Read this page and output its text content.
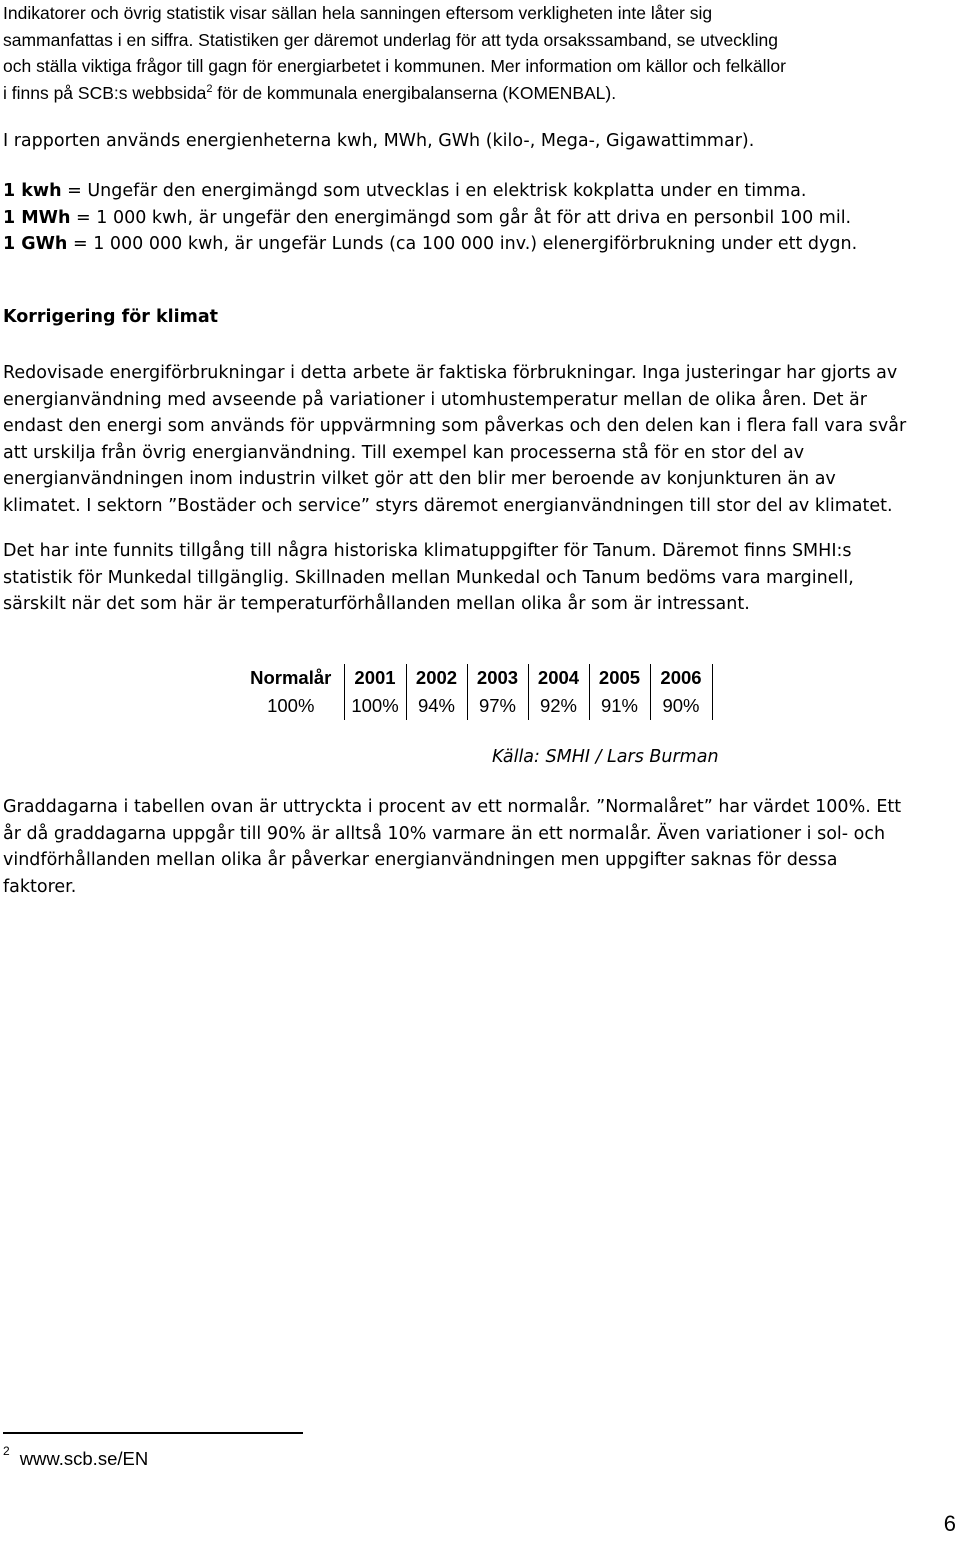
Indikatorer och övrig statistik visar sällan hela sanningen eftersom verkligheten inte låter sig
sammanfattas i en siffra. Statistiken ger däremot underlag för att tyda orsakssamband, se utveckling
och ställa viktiga frågor till gagn för energiarbetet i kommunen. Mer information om källor och felkällor
i finns på SCB:s webbsida$^2$ för de kommunala energibalanserna (KOMENBAL).
I rapporten används energienheterna kwh, MWh, GWh (kilo-, Mega-, Gigawattimmar).
1 kwh = Ungefär den energimängd som utvecklas i en elektrisk kokplatta under en timma.
1 MWh = 1 000 kwh, är ungefär den energimängd som går åt för att driva en personbil 100 mil.
1 GWh = 1 000 000 kwh, är ungefär Lunds (ca 100 000 inv.) elenergiförbrukning under ett dygn.
Korrigering för klimat
Redovisade energiförbrukningar i detta arbete är faktiska förbrukningar. Inga justeringar har gjorts av
energianvändning med avseende på variationer i utomhustemperatur mellan de olika åren. Det är
endast den energi som används för uppvärmning som påverkas och den delen kan i flera fall vara svår
att urskilja från övrig energianvändning. Till exempel kan processerna stå för en stor del av
energianvändningen inom industrin vilket gör att den blir mer beroende av konjunkturen än av
klimatet. I sektorn ”Bostäder och service” styrs däremot energianvändningen till stor del av klimatet.
Det har inte funnits tillgång till några historiska klimatuppgifter för Tanum. Däremot finns SMHI:s
statistik för Munkedal tillgänglig. Skillnaden mellan Munkedal och Tanum bedöms vara marginell,
särskilt när det som här är temperaturförhållanden mellan olika år som är intressant.
Normalår	2001	2002	2003	2004	2005	2006
100%	100%	94%	97%	92%	91%	90%
Källa: SMHI / Lars Burman
Graddagarna i tabellen ovan är uttryckta i procent av ett normalår. ”Normalåret” har värdet 100%. Ett
år då graddagarna uppgår till 90% är alltså 10% varmare än ett normalår. Även variationer i sol- och
vindförhållanden mellan olika år påverkar energianvändningen men uppgifter saknas för dessa
faktorer.
$^2$ www.scb.se/EN
6
